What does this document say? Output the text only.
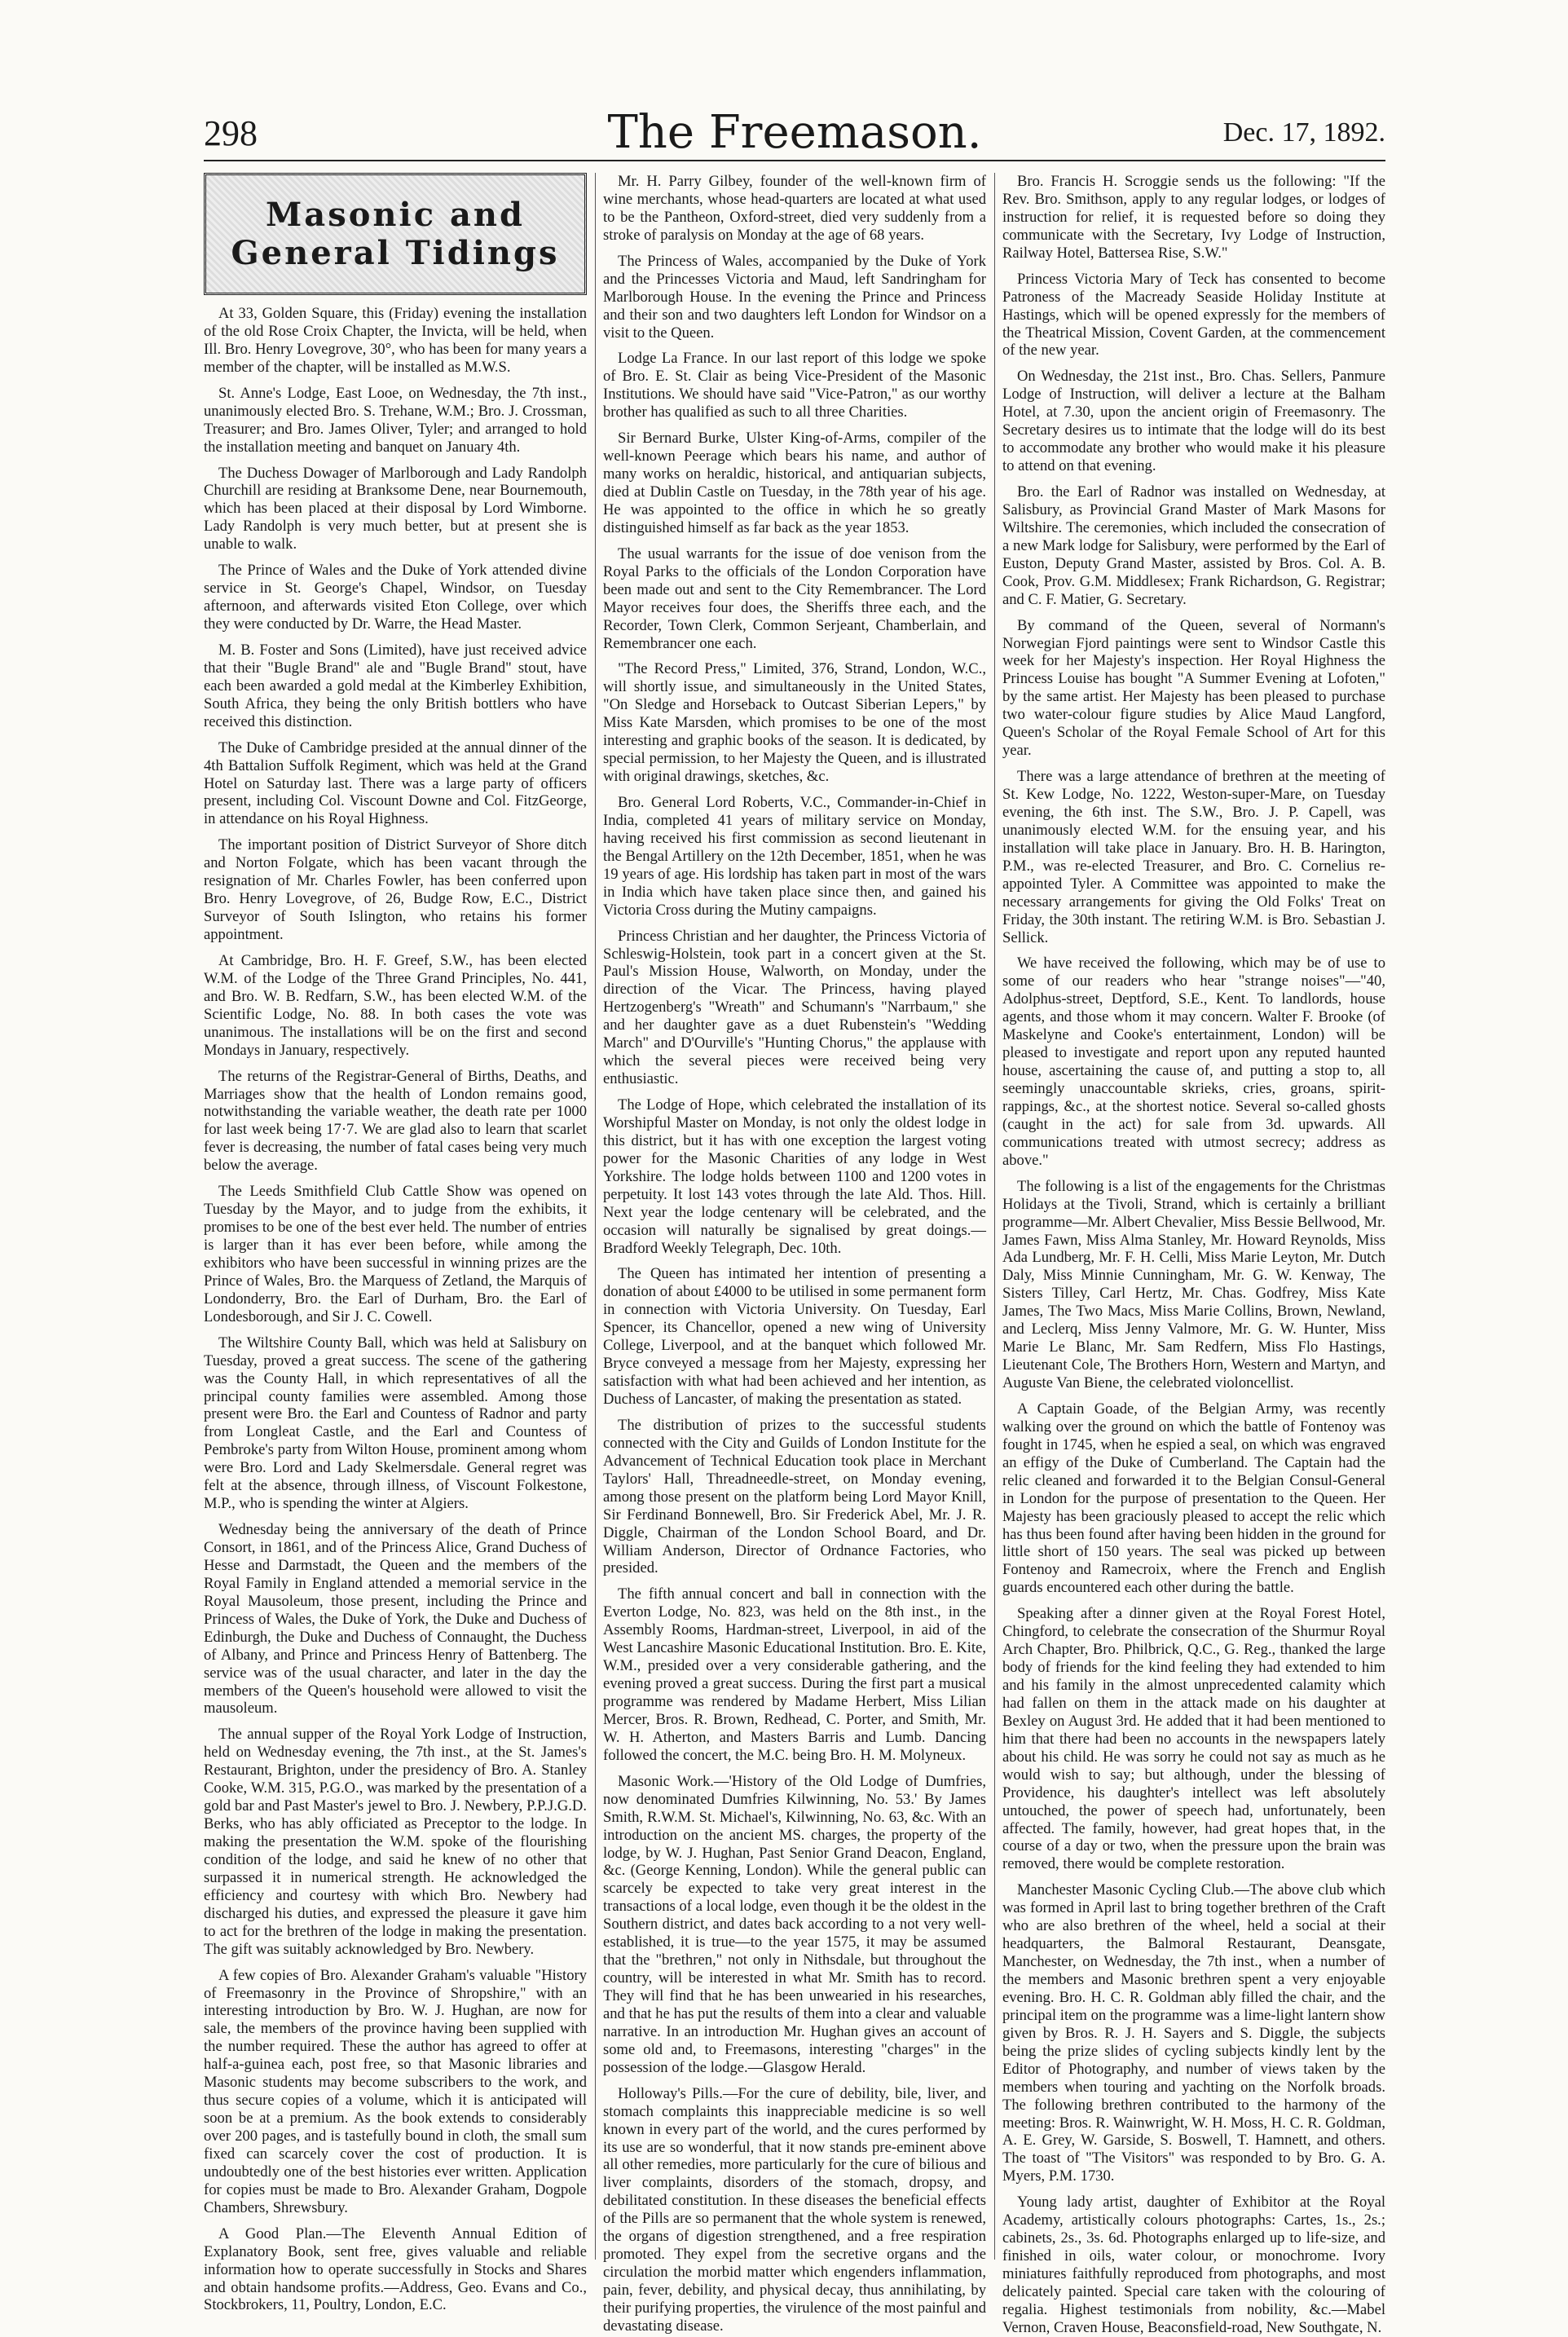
298	The Freemason.	Dec. 17, 1892.
Masonic and
General Tidings

At 33, Golden Square, this (Friday) evening the installation of the old Rose Croix Chapter, the Invicta, will be held, when Ill. Bro. Henry Lovegrove, 30°, who has been for many years a member of the chapter, will be installed as M.W.S.

St. Anne's Lodge, East Looe, on Wednesday, the 7th inst., unanimously elected Bro. S. Trehane, W.M.; Bro. J. Crossman, Treasurer; and Bro. James Oliver, Tyler; and arranged to hold the installation meeting and banquet on January 4th.

The Duchess Dowager of Marlborough and Lady Randolph Churchill are residing at Branksome Dene, near Bournemouth, which has been placed at their disposal by Lord Wimborne. Lady Randolph is very much better, but at present she is unable to walk.

The Prince of Wales and the Duke of York attended divine service in St. George's Chapel, Windsor, on Tuesday afternoon, and afterwards visited Eton College, over which they were conducted by Dr. Warre, the Head Master.

M. B. Foster and Sons (Limited), have just received advice that their "Bugle Brand" ale and "Bugle Brand" stout, have each been awarded a gold medal at the Kimberley Exhibition, South Africa, they being the only British bottlers who have received this distinction.

The Duke of Cambridge presided at the annual dinner of the 4th Battalion Suffolk Regiment, which was held at the Grand Hotel on Saturday last. There was a large party of officers present, including Col. Viscount Downe and Col. FitzGeorge, in attendance on his Royal Highness.

The important position of District Surveyor of Shore ditch and Norton Folgate, which has been vacant through the resignation of Mr. Charles Fowler, has been conferred upon Bro. Henry Lovegrove, of 26, Budge Row, E.C., District Surveyor of South Islington, who retains his former appointment.

At Cambridge, Bro. H. F. Greef, S.W., has been elected W.M. of the Lodge of the Three Grand Principles, No. 441, and Bro. W. B. Redfarn, S.W., has been elected W.M. of the Scientific Lodge, No. 88. In both cases the vote was unanimous. The installations will be on the first and second Mondays in January, respectively.

The returns of the Registrar-General of Births, Deaths, and Marriages show that the health of London remains good, notwithstanding the variable weather, the death rate per 1000 for last week being 17·7. We are glad also to learn that scarlet fever is decreasing, the number of fatal cases being very much below the average.

The Leeds Smithfield Club Cattle Show was opened on Tuesday by the Mayor, and to judge from the exhibits, it promises to be one of the best ever held. The number of entries is larger than it has ever been before, while among the exhibitors who have been successful in winning prizes are the Prince of Wales, Bro. the Marquess of Zetland, the Marquis of Londonderry, Bro. the Earl of Durham, Bro. the Earl of Londesborough, and Sir J. C. Cowell.

The Wiltshire County Ball, which was held at Salisbury on Tuesday, proved a great success. The scene of the gathering was the County Hall, in which representatives of all the principal county families were assembled. Among those present were Bro. the Earl and Countess of Radnor and party from Longleat Castle, and the Earl and Countess of Pembroke's party from Wilton House, prominent among whom were Bro. Lord and Lady Skelmersdale. General regret was felt at the absence, through illness, of Viscount Folkestone, M.P., who is spending the winter at Algiers.

Wednesday being the anniversary of the death of Prince Consort, in 1861, and of the Princess Alice, Grand Duchess of Hesse and Darmstadt, the Queen and the members of the Royal Family in England attended a memorial service in the Royal Mausoleum, those present, including the Prince and Princess of Wales, the Duke of York, the Duke and Duchess of Edinburgh, the Duke and Duchess of Connaught, the Duchess of Albany, and Prince and Princess Henry of Battenberg. The service was of the usual character, and later in the day the members of the Queen's household were allowed to visit the mausoleum.

The annual supper of the Royal York Lodge of Instruction, held on Wednesday evening, the 7th inst., at the St. James's Restaurant, Brighton, under the presidency of Bro. A. Stanley Cooke, W.M. 315, P.G.O., was marked by the presentation of a gold bar and Past Master's jewel to Bro. J. Newbery, P.P.J.G.D. Berks, who has ably officiated as Preceptor to the lodge. In making the presentation the W.M. spoke of the flourishing condition of the lodge, and said he knew of no other that surpassed it in numerical strength. He acknowledged the efficiency and courtesy with which Bro. Newbery had discharged his duties, and expressed the pleasure it gave him to act for the brethren of the lodge in making the presentation. The gift was suitably acknowledged by Bro. Newbery.

A few copies of Bro. Alexander Graham's valuable "History of Freemasonry in the Province of Shropshire," with an interesting introduction by Bro. W. J. Hughan, are now for sale, the members of the province having been supplied with the number required. These the author has agreed to offer at half-a-guinea each, post free, so that Masonic libraries and Masonic students may become subscribers to the work, and thus secure copies of a volume, which it is anticipated will soon be at a premium. As the book extends to considerably over 200 pages, and is tastefully bound in cloth, the small sum fixed can scarcely cover the cost of production. It is undoubtedly one of the best histories ever written. Application for copies must be made to Bro. Alexander Graham, Dogpole Chambers, Shrewsbury.

A Good Plan.—The Eleventh Annual Edition of Explanatory Book, sent free, gives valuable and reliable information how to operate successfully in Stocks and Shares and obtain handsome profits.—Address, Geo. Evans and Co., Stockbrokers, 11, Poultry, London, E.C.

Mr. H. Parry Gilbey, founder of the well-known firm of wine merchants, whose head-quarters are located at what used to be the Pantheon, Oxford-street, died very suddenly from a stroke of paralysis on Monday at the age of 68 years.

The Princess of Wales, accompanied by the Duke of York and the Princesses Victoria and Maud, left Sandringham for Marlborough House. In the evening the Prince and Princess and their son and two daughters left London for Windsor on a visit to the Queen.

Lodge La France. In our last report of this lodge we spoke of Bro. E. St. Clair as being Vice-President of the Masonic Institutions. We should have said "Vice-Patron," as our worthy brother has qualified as such to all three Charities.

Sir Bernard Burke, Ulster King-of-Arms, compiler of the well-known Peerage which bears his name, and author of many works on heraldic, historical, and antiquarian subjects, died at Dublin Castle on Tuesday, in the 78th year of his age. He was appointed to the office in which he so greatly distinguished himself as far back as the year 1853.

The usual warrants for the issue of doe venison from the Royal Parks to the officials of the London Corporation have been made out and sent to the City Remembrancer. The Lord Mayor receives four does, the Sheriffs three each, and the Recorder, Town Clerk, Common Serjeant, Chamberlain, and Remembrancer one each.

"The Record Press," Limited, 376, Strand, London, W.C., will shortly issue, and simultaneously in the United States, "On Sledge and Horseback to Outcast Siberian Lepers," by Miss Kate Marsden, which promises to be one of the most interesting and graphic books of the season. It is dedicated, by special permission, to her Majesty the Queen, and is illustrated with original drawings, sketches, &c.

Bro. General Lord Roberts, V.C., Commander-in-Chief in India, completed 41 years of military service on Monday, having received his first commission as second lieutenant in the Bengal Artillery on the 12th December, 1851, when he was 19 years of age. His lordship has taken part in most of the wars in India which have taken place since then, and gained his Victoria Cross during the Mutiny campaigns.

Princess Christian and her daughter, the Princess Victoria of Schleswig-Holstein, took part in a concert given at the St. Paul's Mission House, Walworth, on Monday, under the direction of the Vicar. The Princess, having played Hertzogenberg's "Wreath" and Schumann's "Narrbaum," she and her daughter gave as a duet Rubenstein's "Wedding March" and D'Ourville's "Hunting Chorus," the applause with which the several pieces were received being very enthusiastic.

The Lodge of Hope, which celebrated the installation of its Worshipful Master on Monday, is not only the oldest lodge in this district, but it has with one exception the largest voting power for the Masonic Charities of any lodge in West Yorkshire. The lodge holds between 1100 and 1200 votes in perpetuity. It lost 143 votes through the late Ald. Thos. Hill. Next year the lodge centenary will be celebrated, and the occasion will naturally be signalised by great doings.—Bradford Weekly Telegraph, Dec. 10th.

The Queen has intimated her intention of presenting a donation of about £4000 to be utilised in some permanent form in connection with Victoria University. On Tuesday, Earl Spencer, its Chancellor, opened a new wing of University College, Liverpool, and at the banquet which followed Mr. Bryce conveyed a message from her Majesty, expressing her satisfaction with what had been achieved and her intention, as Duchess of Lancaster, of making the presentation as stated.

The distribution of prizes to the successful students connected with the City and Guilds of London Institute for the Advancement of Technical Education took place in Merchant Taylors' Hall, Threadneedle-street, on Monday evening, among those present on the platform being Lord Mayor Knill, Sir Ferdinand Bonnewell, Bro. Sir Frederick Abel, Mr. J. R. Diggle, Chairman of the London School Board, and Dr. William Anderson, Director of Ordnance Factories, who presided.

The fifth annual concert and ball in connection with the Everton Lodge, No. 823, was held on the 8th inst., in the Assembly Rooms, Hardman-street, Liverpool, in aid of the West Lancashire Masonic Educational Institution. Bro. E. Kite, W.M., presided over a very considerable gathering, and the evening proved a great success. During the first part a musical programme was rendered by Madame Herbert, Miss Lilian Mercer, Bros. R. Brown, Redhead, C. Porter, and Smith, Mr. W. H. Atherton, and Masters Barris and Lumb. Dancing followed the concert, the M.C. being Bro. H. M. Molyneux.

Masonic Work.—'History of the Old Lodge of Dumfries, now denominated Dumfries Kilwinning, No. 53.' By James Smith, R.W.M. St. Michael's, Kilwinning, No. 63, &c. With an introduction on the ancient MS. charges, the property of the lodge, by W. J. Hughan, Past Senior Grand Deacon, England, &c. (George Kenning, London). While the general public can scarcely be expected to take very great interest in the transactions of a local lodge, even though it be the oldest in the Southern district, and dates back according to a not very well-established, it is true—to the year 1575, it may be assumed that the "brethren," not only in Nithsdale, but throughout the country, will be interested in what Mr. Smith has to record. They will find that he has been unwearied in his researches, and that he has put the results of them into a clear and valuable narrative. In an introduction Mr. Hughan gives an account of some old and, to Freemasons, interesting "charges" in the possession of the lodge.—Glasgow Herald.

Holloway's Pills.—For the cure of debility, bile, liver, and stomach complaints this inappreciable medicine is so well known in every part of the world, and the cures performed by its use are so wonderful, that it now stands pre-eminent above all other remedies, more particularly for the cure of bilious and liver complaints, disorders of the stomach, dropsy, and debilitated constitution. In these diseases the beneficial effects of the Pills are so permanent that the whole system is renewed, the organs of digestion strengthened, and a free respiration promoted. They expel from the secretive organs and the circulation the morbid matter which engenders inflammation, pain, fever, debility, and physical decay, thus annihilating, by their purifying properties, the virulence of the most painful and devastating disease.

Bro. Francis H. Scroggie sends us the following: "If the Rev. Bro. Smithson, apply to any regular lodges, or lodges of instruction for relief, it is requested before so doing they communicate with the Secretary, Ivy Lodge of Instruction, Railway Hotel, Battersea Rise, S.W."

Princess Victoria Mary of Teck has consented to become Patroness of the Macready Seaside Holiday Institute at Hastings, which will be opened expressly for the members of the Theatrical Mission, Covent Garden, at the commencement of the new year.

On Wednesday, the 21st inst., Bro. Chas. Sellers, Panmure Lodge of Instruction, will deliver a lecture at the Balham Hotel, at 7.30, upon the ancient origin of Freemasonry. The Secretary desires us to intimate that the lodge will do its best to accommodate any brother who would make it his pleasure to attend on that evening.

Bro. the Earl of Radnor was installed on Wednesday, at Salisbury, as Provincial Grand Master of Mark Masons for Wiltshire. The ceremonies, which included the consecration of a new Mark lodge for Salisbury, were performed by the Earl of Euston, Deputy Grand Master, assisted by Bros. Col. A. B. Cook, Prov. G.M. Middlesex; Frank Richardson, G. Registrar; and C. F. Matier, G. Secretary.

By command of the Queen, several of Normann's Norwegian Fjord paintings were sent to Windsor Castle this week for her Majesty's inspection. Her Royal Highness the Princess Louise has bought "A Summer Evening at Lofoten," by the same artist. Her Majesty has been pleased to purchase two water-colour figure studies by Alice Maud Langford, Queen's Scholar of the Royal Female School of Art for this year.

There was a large attendance of brethren at the meeting of St. Kew Lodge, No. 1222, Weston-super-Mare, on Tuesday evening, the 6th inst. The S.W., Bro. J. P. Capell, was unanimously elected W.M. for the ensuing year, and his installation will take place in January. Bro. H. B. Harington, P.M., was re-elected Treasurer, and Bro. C. Cornelius re-appointed Tyler. A Committee was appointed to make the necessary arrangements for giving the Old Folks' Treat on Friday, the 30th instant. The retiring W.M. is Bro. Sebastian J. Sellick.

We have received the following, which may be of use to some of our readers who hear "strange noises"—"40, Adolphus-street, Deptford, S.E., Kent. To landlords, house agents, and those whom it may concern. Walter F. Brooke (of Maskelyne and Cooke's entertainment, London) will be pleased to investigate and report upon any reputed haunted house, ascertaining the cause of, and putting a stop to, all seemingly unaccountable skrieks, cries, groans, spirit-rappings, &c., at the shortest notice. Several so-called ghosts (caught in the act) for sale from 3d. upwards. All communications treated with utmost secrecy; address as above."

The following is a list of the engagements for the Christmas Holidays at the Tivoli, Strand, which is certainly a brilliant programme—Mr. Albert Chevalier, Miss Bessie Bellwood, Mr. James Fawn, Miss Alma Stanley, Mr. Howard Reynolds, Miss Ada Lundberg, Mr. F. H. Celli, Miss Marie Leyton, Mr. Dutch Daly, Miss Minnie Cunningham, Mr. G. W. Kenway, The Sisters Tilley, Carl Hertz, Mr. Chas. Godfrey, Miss Kate James, The Two Macs, Miss Marie Collins, Brown, Newland, and Leclerq, Miss Jenny Valmore, Mr. G. W. Hunter, Miss Marie Le Blanc, Mr. Sam Redfern, Miss Flo Hastings, Lieutenant Cole, The Brothers Horn, Western and Martyn, and Auguste Van Biene, the celebrated violoncellist.

A Captain Goade, of the Belgian Army, was recently walking over the ground on which the battle of Fontenoy was fought in 1745, when he espied a seal, on which was engraved an effigy of the Duke of Cumberland. The Captain had the relic cleaned and forwarded it to the Belgian Consul-General in London for the purpose of presentation to the Queen. Her Majesty has been graciously pleased to accept the relic which has thus been found after having been hidden in the ground for little short of 150 years. The seal was picked up between Fontenoy and Ramecroix, where the French and English guards encountered each other during the battle.

Speaking after a dinner given at the Royal Forest Hotel, Chingford, to celebrate the consecration of the Shurmur Royal Arch Chapter, Bro. Philbrick, Q.C., G. Reg., thanked the large body of friends for the kind feeling they had extended to him and his family in the almost unprecedented calamity which had fallen on them in the attack made on his daughter at Bexley on August 3rd. He added that it had been mentioned to him that there had been no accounts in the newspapers lately about his child. He was sorry he could not say as much as he would wish to say; but although, under the blessing of Providence, his daughter's intellect was left absolutely untouched, the power of speech had, unfortunately, been affected. The family, however, had great hopes that, in the course of a day or two, when the pressure upon the brain was removed, there would be complete restoration.

Manchester Masonic Cycling Club.—The above club which was formed in April last to bring together brethren of the Craft who are also brethren of the wheel, held a social at their headquarters, the Balmoral Restaurant, Deansgate, Manchester, on Wednesday, the 7th inst., when a number of the members and Masonic brethren spent a very enjoyable evening. Bro. H. C. R. Goldman ably filled the chair, and the principal item on the programme was a lime-light lantern show given by Bros. R. J. H. Sayers and S. Diggle, the subjects being the prize slides of cycling subjects kindly lent by the Editor of Photography, and number of views taken by the members when touring and yachting on the Norfolk broads. The following brethren contributed to the harmony of the meeting: Bros. R. Wainwright, W. H. Moss, H. C. R. Goldman, A. E. Grey, W. Garside, S. Boswell, T. Hamnett, and others. The toast of "The Visitors" was responded to by Bro. G. A. Myers, P.M. 1730.

Young lady artist, daughter of Exhibitor at the Royal Academy, artistically colours photographs: Cartes, 1s., 2s.; cabinets, 2s., 3s. 6d. Photographs enlarged up to life-size, and finished in oils, water colour, or monochrome. Ivory miniatures faithfully reproduced from photographs, and most delicately painted. Special care taken with the colouring of regalia. Highest testimonials from nobility, &c.—Mabel Vernon, Craven House, Beaconsfield-road, New Southgate, N.
